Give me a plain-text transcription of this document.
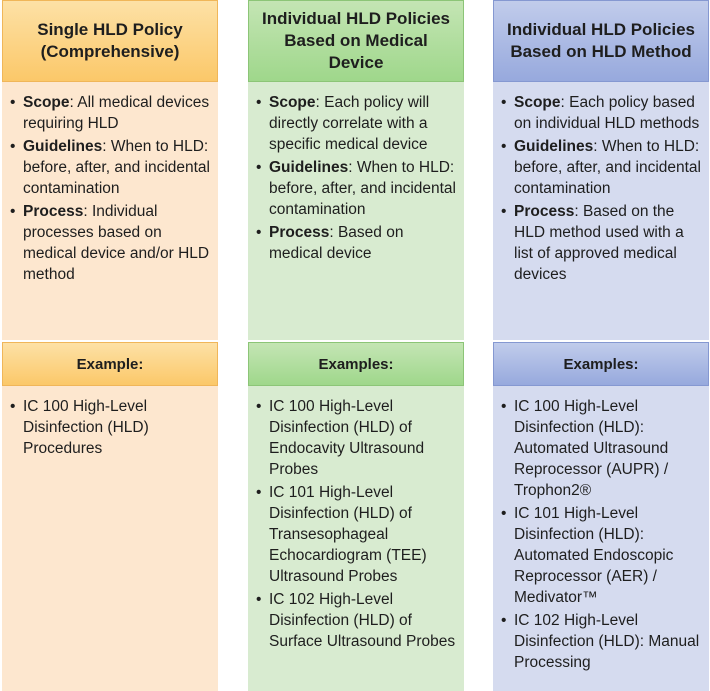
Single HLD Policy (Comprehensive)
• Scope: All medical devices requiring HLD
• Guidelines: When to HLD: before, after, and incidental contamination
• Process: Individual processes based on medical device and/or HLD method
Example:
• IC 100 High-Level Disinfection (HLD) Procedures
Individual HLD Policies Based on Medical Device
• Scope: Each policy will directly correlate with a specific medical device
• Guidelines: When to HLD: before, after, and incidental contamination
• Process: Based on medical device
Examples:
• IC 100 High-Level Disinfection (HLD) of Endocavity Ultrasound Probes
• IC 101 High-Level Disinfection (HLD) of Transesophageal Echocardiogram (TEE) Ultrasound Probes
• IC 102 High-Level Disinfection (HLD) of Surface Ultrasound Probes
Individual HLD Policies Based on HLD Method
• Scope: Each policy based on individual HLD methods
• Guidelines: When to HLD: before, after, and incidental contamination
• Process: Based on the HLD method used with a list of approved medical devices
Examples:
• IC 100 High-Level Disinfection (HLD): Automated Ultrasound Reprocessor (AUPR) / Trophon2®
• IC 101 High-Level Disinfection (HLD): Automated Endoscopic Reprocessor (AER) / Medivator™
• IC 102 High-Level Disinfection (HLD): Manual Processing
